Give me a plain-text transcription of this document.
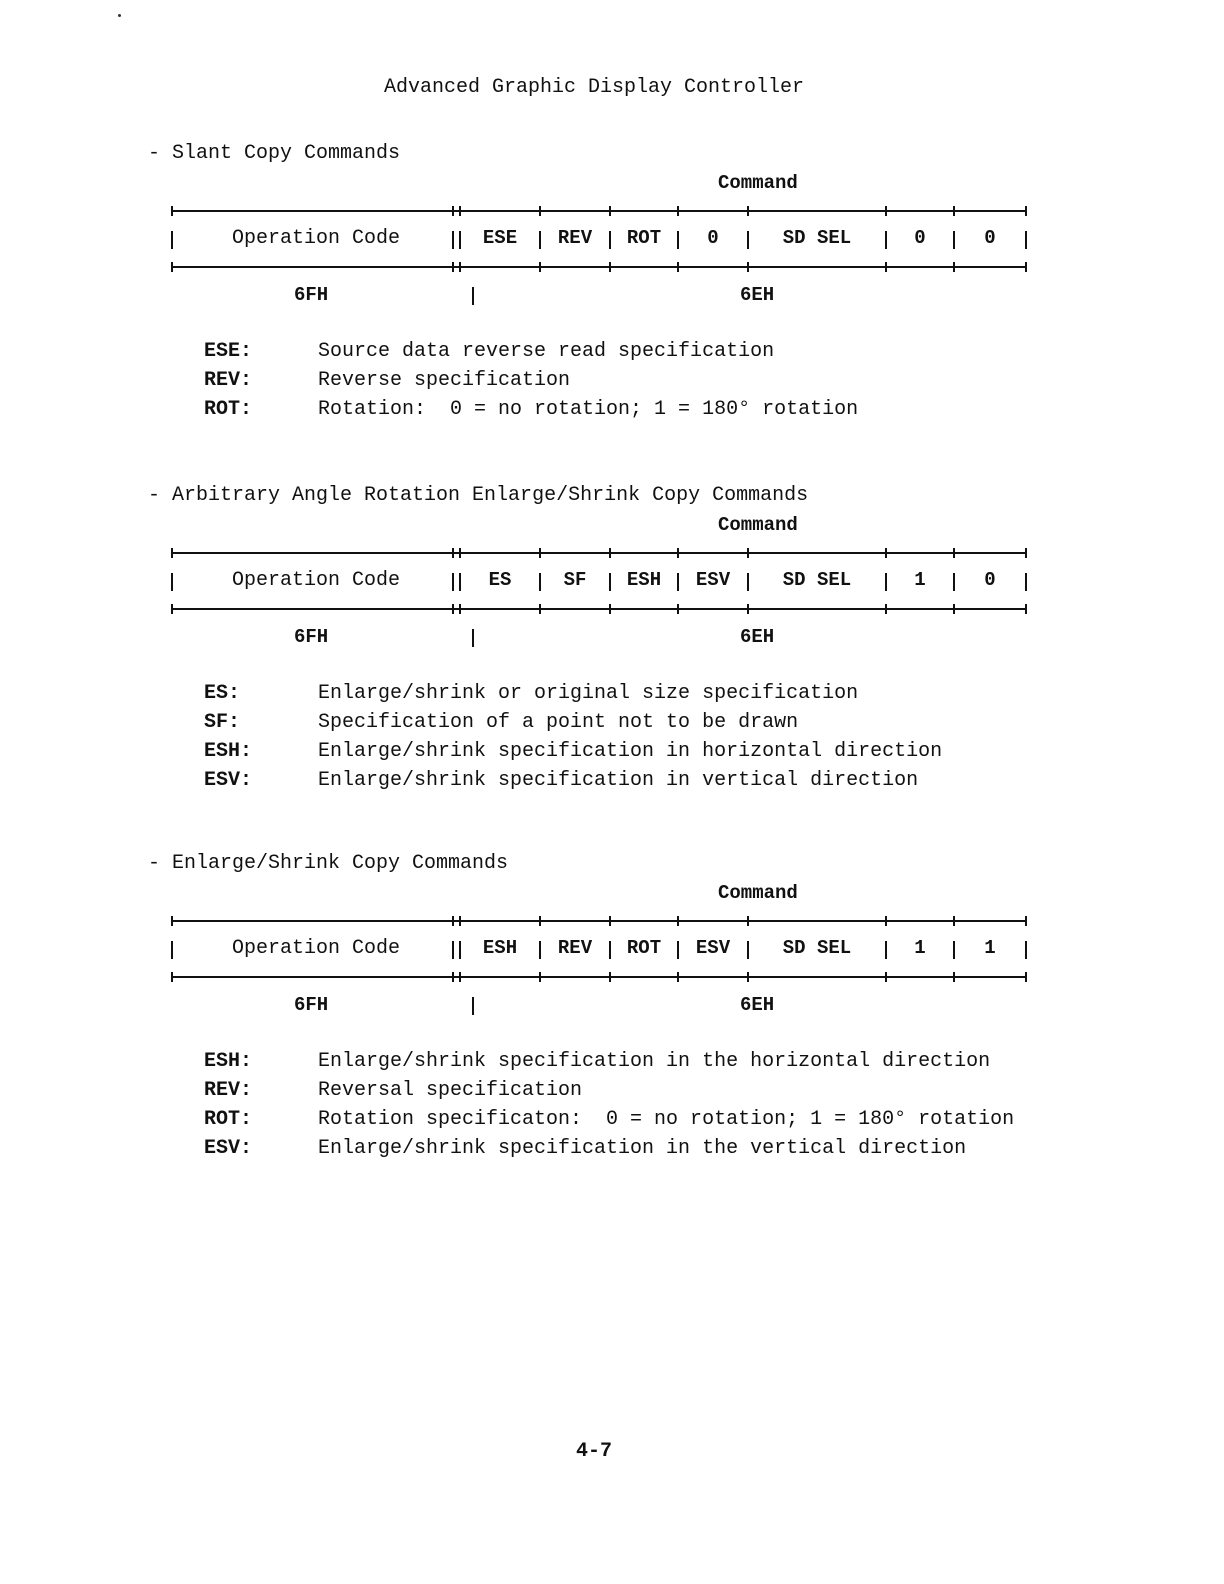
Advanced Graphic Display Controller
- Slant Copy Commands
Command
Operation Code	ESE	REV	ROT	0	SD SEL	0	0
6FH	6EH
ESE:	Source data reverse read specification
REV:	Reverse specification
ROT:	Rotation:  0 = no rotation; 1 = 180° rotation
- Arbitrary Angle Rotation Enlarge/Shrink Copy Commands
Command
Operation Code	ES	SF	ESH	ESV	SD SEL	1	0
6FH	6EH
ES:	Enlarge/shrink or original size specification
SF:	Specification of a point not to be drawn
ESH:	Enlarge/shrink specification in horizontal direction
ESV:	Enlarge/shrink specification in vertical direction
- Enlarge/Shrink Copy Commands
Command
Operation Code	ESH	REV	ROT	ESV	SD SEL	1	1
6FH	6EH
ESH:	Enlarge/shrink specification in the horizontal direction
REV:	Reversal specification
ROT:	Rotation specificaton:  0 = no rotation; 1 = 180° rotation
ESV:	Enlarge/shrink specification in the vertical direction
4-7
